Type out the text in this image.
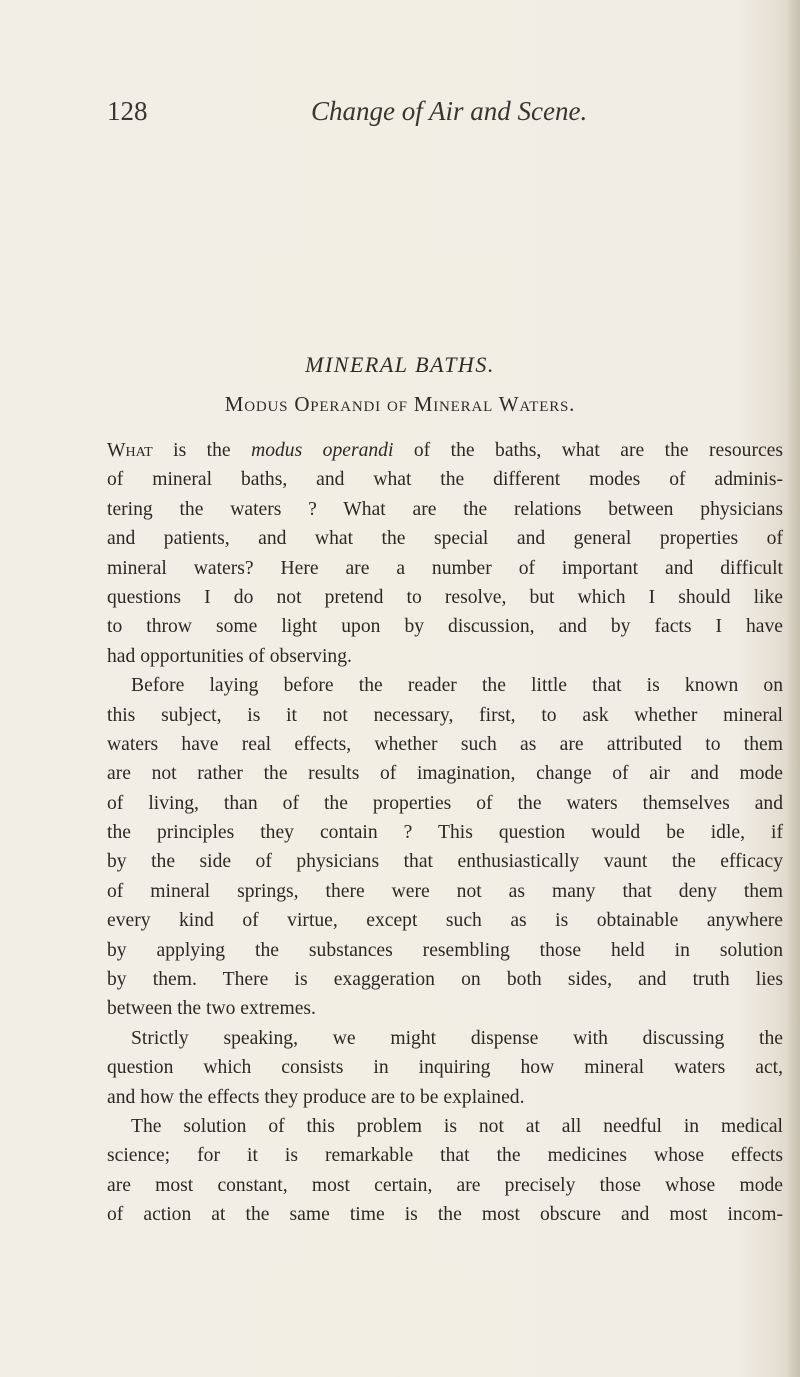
128	Change of Air and Scene.
MINERAL BATHS.
Modus Operandi of Mineral Waters.
What is the modus operandi of the baths, what are the resources
of mineral baths, and what the different modes of adminis-
tering the waters ? What are the relations between physicians
and patients, and what the special and general properties of
mineral waters? Here are a number of important and difficult
questions I do not pretend to resolve, but which I should like
to throw some light upon by discussion, and by facts I have
had opportunities of observing.
Before laying before the reader the little that is known on
this subject, is it not necessary, first, to ask whether mineral
waters have real effects, whether such as are attributed to them
are not rather the results of imagination, change of air and mode
of living, than of the properties of the waters themselves and
the principles they contain ? This question would be idle, if
by the side of physicians that enthusiastically vaunt the efficacy
of mineral springs, there were not as many that deny them
every kind of virtue, except such as is obtainable anywhere
by applying the substances resembling those held in solution
by them. There is exaggeration on both sides, and truth lies
between the two extremes.
Strictly speaking, we might dispense with discussing the
question which consists in inquiring how mineral waters act,
and how the effects they produce are to be explained.
The solution of this problem is not at all needful in medical
science; for it is remarkable that the medicines whose effects
are most constant, most certain, are precisely those whose mode
of action at the same time is the most obscure and most incom-
